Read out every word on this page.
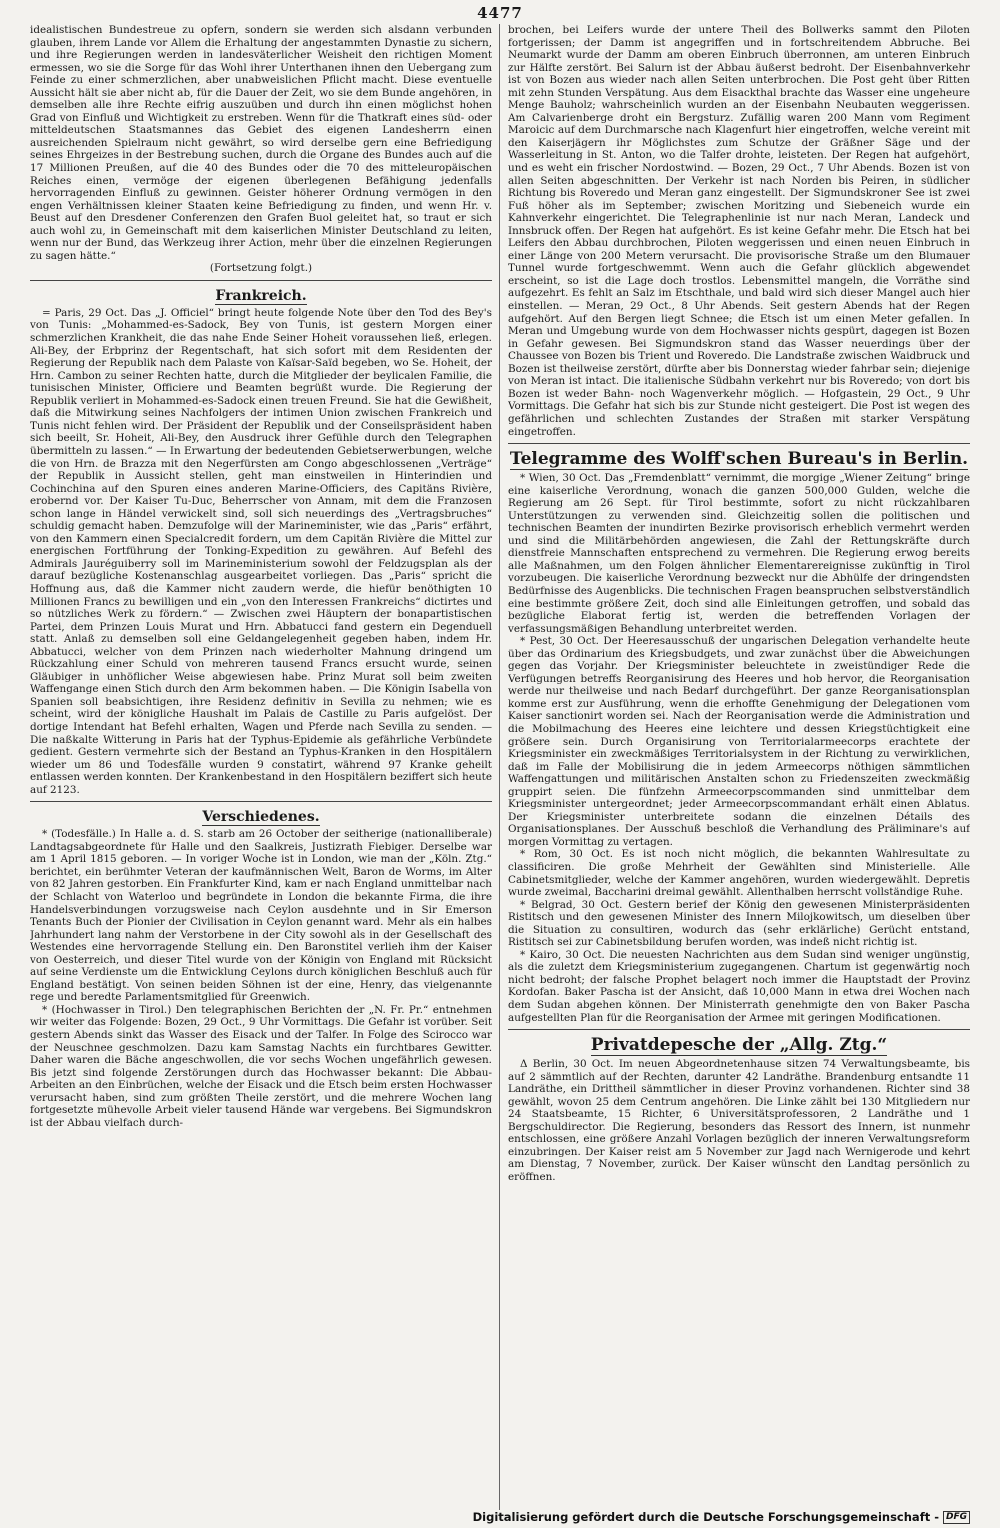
4477

idealistischen Bundestreue zu opfern, sondern sie werden sich alsdann verbunden glauben, ihrem Lande vor Allem die Erhaltung der angestammten Dynastie zu sichern, und ihre Regierungen werden in landesväterlicher Weisheit den richtigen Moment ermessen, wo sie die Sorge für das Wohl ihrer Unterthanen ihnen den Uebergang zum Feinde zu einer schmerzlichen, aber unabweislichen Pflicht macht. Diese eventuelle Aussicht hält sie aber nicht ab, für die Dauer der Zeit, wo sie dem Bunde angehören, in demselben alle ihre Rechte eifrig auszuüben und durch ihn einen möglichst hohen Grad von Einfluß und Wichtigkeit zu erstreben. Wenn für die Thatkraft eines süd- oder mitteldeutschen Staatsmannes das Gebiet des eigenen Landesherrn einen ausreichenden Spielraum nicht gewährt, so wird derselbe gern eine Befriedigung seines Ehrgeizes in der Bestrebung suchen, durch die Organe des Bundes auch auf die 17 Millionen Preußen, auf die 40 des Bundes oder die 70 des mitteleuropäischen Reiches einen, vermöge der eigenen überlegenen Befähigung jedenfalls hervorragenden Einfluß zu gewinnen. Geister höherer Ordnung vermögen in den engen Verhältnissen kleiner Staaten keine Befriedigung zu finden, und wenn Hr. v. Beust auf den Dresdener Conferenzen den Grafen Buol geleitet hat, so traut er sich auch wohl zu, in Gemeinschaft mit dem kaiserlichen Minister Deutschland zu leiten, wenn nur der Bund, das Werkzeug ihrer Action, mehr über die einzelnen Regierungen zu sagen hätte.“

(Fortsetzung folgt.)

Frankreich.

= Paris, 29 Oct. Das „J. Officiel“ bringt heute folgende Note über den Tod des Bey's von Tunis: „Mohammed-es-Sadock, Bey von Tunis, ist gestern Morgen einer schmerzlichen Krankheit, die das nahe Ende Seiner Hoheit voraussehen ließ, erlegen. Ali-Bey, der Erbprinz der Regentschaft, hat sich sofort mit dem Residenten der Regierung der Republik nach dem Palaste von Kaïsar-Saïd begeben, wo Se. Hoheit, der Hrn. Cambon zu seiner Rechten hatte, durch die Mitglieder der beylicalen Familie, die tunisischen Minister, Officiere und Beamten begrüßt wurde. Die Regierung der Republik verliert in Mohammed-es-Sadock einen treuen Freund. Sie hat die Gewißheit, daß die Mitwirkung seines Nachfolgers der intimen Union zwischen Frankreich und Tunis nicht fehlen wird. Der Präsident der Republik und der Conseilspräsident haben sich beeilt, Sr. Hoheit, Ali-Bey, den Ausdruck ihrer Gefühle durch den Telegraphen übermitteln zu lassen.“ — In Erwartung der bedeutenden Gebietserwerbungen, welche die von Hrn. de Brazza mit den Negerfürsten am Congo abgeschlossenen „Verträge“ der Republik in Aussicht stellen, geht man einstweilen in Hinterindien und Cochinchina auf den Spuren eines anderen Marine-Officiers, des Capitäns Rivière, erobernd vor. Der Kaiser Tu-Duc, Beherrscher von Annam, mit dem die Franzosen schon lange in Händel verwickelt sind, soll sich neuerdings des „Vertragsbruches“ schuldig gemacht haben. Demzufolge will der Marineminister, wie das „Paris“ erfährt, von den Kammern einen Specialcredit fordern, um dem Capitän Rivière die Mittel zur energischen Fortführung der Tonking-Expedition zu gewähren. Auf Befehl des Admirals Jauréguiberry soll im Marineministerium sowohl der Feldzugsplan als der darauf bezügliche Kostenanschlag ausgearbeitet vorliegen. Das „Paris“ spricht die Hoffnung aus, daß die Kammer nicht zaudern werde, die hiefür benöthigten 10 Millionen Francs zu bewilligen und ein „von den Interessen Frankreichs“ dictirtes und so nützliches Werk zu fördern.“ — Zwischen zwei Häuptern der bonapartistischen Partei, dem Prinzen Louis Murat und Hrn. Abbatucci fand gestern ein Degenduell statt. Anlaß zu demselben soll eine Geldangelegenheit gegeben haben, indem Hr. Abbatucci, welcher von dem Prinzen nach wiederholter Mahnung dringend um Rückzahlung einer Schuld von mehreren tausend Francs ersucht wurde, seinen Gläubiger in unhöflicher Weise abgewiesen habe. Prinz Murat soll beim zweiten Waffengange einen Stich durch den Arm bekommen haben. — Die Königin Isabella von Spanien soll beabsichtigen, ihre Residenz definitiv in Sevilla zu nehmen; wie es scheint, wird der königliche Haushalt im Palais de Castille zu Paris aufgelöst. Der dortige Intendant hat Befehl erhalten, Wagen und Pferde nach Sevilla zu senden. — Die naßkalte Witterung in Paris hat der Typhus-Epidemie als gefährliche Verbündete gedient. Gestern vermehrte sich der Bestand an Typhus-Kranken in den Hospitälern wieder um 86 und Todesfälle wurden 9 constatirt, während 97 Kranke geheilt entlassen werden konnten. Der Krankenbestand in den Hospitälern beziffert sich heute auf 2123.

Verschiedenes.

* (Todesfälle.) In Halle a. d. S. starb am 26 October der seitherige (nationalliberale) Landtagsabgeordnete für Halle und den Saalkreis, Justizrath Fiebiger. Derselbe war am 1 April 1815 geboren. — In voriger Woche ist in London, wie man der „Köln. Ztg.“ berichtet, ein berühmter Veteran der kaufmännischen Welt, Baron de Worms, im Alter von 82 Jahren gestorben. Ein Frankfurter Kind, kam er nach England unmittelbar nach der Schlacht von Waterloo und begründete in London die bekannte Firma, die ihre Handelsverbindungen vorzugsweise nach Ceylon ausdehnte und in Sir Emerson Tenants Buch der Pionier der Civilisation in Ceylon genannt ward. Mehr als ein halbes Jahrhundert lang nahm der Verstorbene in der City sowohl als in der Gesellschaft des Westendes eine hervorragende Stellung ein. Den Baronstitel verlieh ihm der Kaiser von Oesterreich, und dieser Titel wurde von der Königin von England mit Rücksicht auf seine Verdienste um die Entwicklung Ceylons durch königlichen Beschluß auch für England bestätigt. Von seinen beiden Söhnen ist der eine, Henry, das vielgenannte rege und beredte Parlamentsmitglied für Greenwich.

* (Hochwasser in Tirol.) Den telegraphischen Berichten der „N. Fr. Pr.“ entnehmen wir weiter das Folgende: Bozen, 29 Oct., 9 Uhr Vormittags. Die Gefahr ist vorüber. Seit gestern Abends sinkt das Wasser des Eisack und der Talfer. In Folge des Scirocco war der Neuschnee geschmolzen. Dazu kam Samstag Nachts ein furchtbares Gewitter. Daher waren die Bäche angeschwollen, die vor sechs Wochen ungefährlich gewesen. Bis jetzt sind folgende Zerstörungen durch das Hochwasser bekannt: Die Abbau-Arbeiten an den Einbrüchen, welche der Eisack und die Etsch beim ersten Hochwasser verursacht haben, sind zum größten Theile zerstört, und die mehrere Wochen lang fortgesetzte mühevolle Arbeit vieler tausend Hände war vergebens. Bei Sigmundskron ist der Abbau vielfach durch-

brochen, bei Leifers wurde der untere Theil des Bollwerks sammt den Piloten fortgerissen; der Damm ist angegriffen und in fortschreitendem Abbruche. Bei Neumarkt wurde der Damm am oberen Einbruch überronnen, am unteren Einbruch zur Hälfte zerstört. Bei Salurn ist der Abbau äußerst bedroht. Der Eisenbahnverkehr ist von Bozen aus wieder nach allen Seiten unterbrochen. Die Post geht über Ritten mit zehn Stunden Verspätung. Aus dem Eisackthal brachte das Wasser eine ungeheure Menge Bauholz; wahrscheinlich wurden an der Eisenbahn Neubauten weggerissen. Am Calvarienberge droht ein Bergsturz. Zufällig waren 200 Mann vom Regiment Maroicic auf dem Durchmarsche nach Klagenfurt hier eingetroffen, welche vereint mit den Kaiserjägern ihr Möglichstes zum Schutze der Gräßner Säge und der Wasserleitung in St. Anton, wo die Talfer drohte, leisteten. Der Regen hat aufgehört, und es weht ein frischer Nordostwind. — Bozen, 29 Oct., 7 Uhr Abends. Bozen ist von allen Seiten abgeschnitten. Der Verkehr ist nach Norden bis Peiren, in südlicher Richtung bis Roveredo und Meran ganz eingestellt. Der Sigmundskroner See ist zwei Fuß höher als im September; zwischen Moritzing und Siebeneich wurde ein Kahnverkehr eingerichtet. Die Telegraphenlinie ist nur nach Meran, Landeck und Innsbruck offen. Der Regen hat aufgehört. Es ist keine Gefahr mehr. Die Etsch hat bei Leifers den Abbau durchbrochen, Piloten weggerissen und einen neuen Einbruch in einer Länge von 200 Metern verursacht. Die provisorische Straße um den Blumauer Tunnel wurde fortgeschwemmt. Wenn auch die Gefahr glücklich abgewendet erscheint, so ist die Lage doch trostlos. Lebensmittel mangeln, die Vorräthe sind aufgezehrt. Es fehlt an Salz im Etschthale, und bald wird sich dieser Mangel auch hier einstellen. — Meran, 29 Oct., 8 Uhr Abends. Seit gestern Abends hat der Regen aufgehört. Auf den Bergen liegt Schnee; die Etsch ist um einen Meter gefallen. In Meran und Umgebung wurde von dem Hochwasser nichts gespürt, dagegen ist Bozen in Gefahr gewesen. Bei Sigmundskron stand das Wasser neuerdings über der Chaussee von Bozen bis Trient und Roveredo. Die Landstraße zwischen Waidbruck und Bozen ist theilweise zerstört, dürfte aber bis Donnerstag wieder fahrbar sein; diejenige von Meran ist intact. Die italienische Südbahn verkehrt nur bis Roveredo; von dort bis Bozen ist weder Bahn- noch Wagenverkehr möglich. — Hofgastein, 29 Oct., 9 Uhr Vormittags. Die Gefahr hat sich bis zur Stunde nicht gesteigert. Die Post ist wegen des gefährlichen und schlechten Zustandes der Straßen mit starker Verspätung eingetroffen.

Telegramme des Wolff'schen Bureau's in Berlin.

* Wien, 30 Oct. Das „Fremdenblatt“ vernimmt, die morgige „Wiener Zeitung“ bringe eine kaiserliche Verordnung, wonach die ganzen 500,000 Gulden, welche die Regierung am 26 Sept. für Tirol bestimmte, sofort zu nicht rückzahlbaren Unterstützungen zu verwenden sind. Gleichzeitig sollen die politischen und technischen Beamten der inundirten Bezirke provisorisch erheblich vermehrt werden und sind die Militärbehörden angewiesen, die Zahl der Rettungskräfte durch dienstfreie Mannschaften entsprechend zu vermehren. Die Regierung erwog bereits alle Maßnahmen, um den Folgen ähnlicher Elementarereignisse zukünftig in Tirol vorzubeugen. Die kaiserliche Verordnung bezweckt nur die Abhülfe der dringendsten Bedürfnisse des Augenblicks. Die technischen Fragen beanspruchen selbstverständlich eine bestimmte größere Zeit, doch sind alle Einleitungen getroffen, und sobald das bezügliche Elaborat fertig ist, werden die betreffenden Vorlagen der verfassungsmäßigen Behandlung unterbreitet werden.

* Pest, 30 Oct. Der Heeresausschuß der ungarischen Delegation verhandelte heute über das Ordinarium des Kriegsbudgets, und zwar zunächst über die Abweichungen gegen das Vorjahr. Der Kriegsminister beleuchtete in zweistündiger Rede die Verfügungen betreffs Reorganisirung des Heeres und hob hervor, die Reorganisation werde nur theilweise und nach Bedarf durchgeführt. Der ganze Reorganisationsplan komme erst zur Ausführung, wenn die erhoffte Genehmigung der Delegationen vom Kaiser sanctionirt worden sei. Nach der Reorganisation werde die Administration und die Mobilmachung des Heeres eine leichtere und dessen Kriegstüchtigkeit eine größere sein. Durch Organisirung von Territorialarmeecorps erachtete der Kriegsminister ein zweckmäßiges Territorialsystem in der Richtung zu verwirklichen, daß im Falle der Mobilisirung die in jedem Armeecorps nöthigen sämmtlichen Waffengattungen und militärischen Anstalten schon zu Friedenszeiten zweckmäßig gruppirt seien. Die fünfzehn Armeecorpscommanden sind unmittelbar dem Kriegsminister untergeordnet; jeder Armeecorpscommandant erhält einen Ablatus. Der Kriegsminister unterbreitete sodann die einzelnen Détails des Organisationsplanes. Der Ausschuß beschloß die Verhandlung des Präliminare's auf morgen Vormittag zu vertagen.

* Rom, 30 Oct. Es ist noch nicht möglich, die bekannten Wahlresultate zu classificiren. Die große Mehrheit der Gewählten sind Ministerielle. Alle Cabinetsmitglieder, welche der Kammer angehören, wurden wiedergewählt. Depretis wurde zweimal, Baccharini dreimal gewählt. Allenthalben herrscht vollständige Ruhe.

* Belgrad, 30 Oct. Gestern berief der König den gewesenen Ministerpräsidenten Ristitsch und den gewesenen Minister des Innern Milojkowitsch, um dieselben über die Situation zu consultiren, wodurch das (sehr erklärliche) Gerücht entstand, Ristitsch sei zur Cabinetsbildung berufen worden, was indeß nicht richtig ist.

* Kairo, 30 Oct. Die neuesten Nachrichten aus dem Sudan sind weniger ungünstig, als die zuletzt dem Kriegsministerium zugegangenen. Chartum ist gegenwärtig noch nicht bedroht; der falsche Prophet belagert noch immer die Hauptstadt der Provinz Kordofan. Baker Pascha ist der Ansicht, daß 10,000 Mann in etwa drei Wochen nach dem Sudan abgehen können. Der Ministerrath genehmigte den von Baker Pascha aufgestellten Plan für die Reorganisation der Armee mit geringen Modificationen.

Privatdepesche der „Allg. Ztg.“

Δ Berlin, 30 Oct. Im neuen Abgeordnetenhause sitzen 74 Verwaltungsbeamte, bis auf 2 sämmtlich auf der Rechten, darunter 42 Landräthe. Brandenburg entsandte 11 Landräthe, ein Drittheil sämmtlicher in dieser Provinz vorhandenen. Richter sind 38 gewählt, wovon 25 dem Centrum angehören. Die Linke zählt bei 130 Mitgliedern nur 24 Staatsbeamte, 15 Richter, 6 Universitätsprofessoren, 2 Landräthe und 1 Bergschuldirector. Die Regierung, besonders das Ressort des Innern, ist nunmehr entschlossen, eine größere Anzahl Vorlagen bezüglich der inneren Verwaltungsreform einzubringen. Der Kaiser reist am 5 November zur Jagd nach Wernigerode und kehrt am Dienstag, 7 November, zurück. Der Kaiser wünscht den Landtag persönlich zu eröffnen.

Digitalisierung gefördert durch die Deutsche Forschungsgemeinschaft - DFG
